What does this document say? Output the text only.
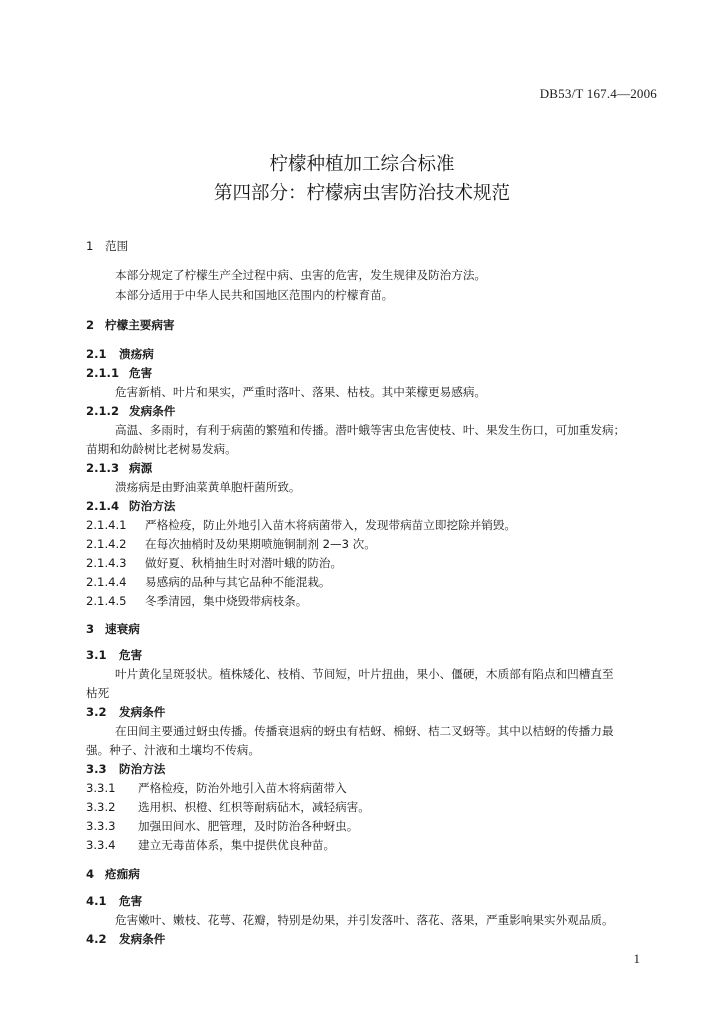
DB53/T 167.4—2006
柠檬种植加工综合标准
第四部分：柠檬病虫害防治技术规范
1 范围
本部分规定了柠檬生产全过程中病、虫害的危害，发生规律及防治方法。
本部分适用于中华人民共和国地区范围内的柠檬育苗。
2 柠檬主要病害
2.1 溃疡病
2.1.1 危害
危害新梢、叶片和果实，严重时落叶、落果、枯枝。其中莱檬更易感病。
2.1.2 发病条件
高温、多雨时，有利于病菌的繁殖和传播。潜叶蛾等害虫危害使枝、叶、果发生伤口，可加重发病；
苗期和幼龄树比老树易发病。
2.1.3 病源
溃疡病是由野油菜黄单胞杆菌所致。
2.1.4 防治方法
2.1.4.1 严格检疫，防止外地引入苗木将病菌带入，发现带病苗立即挖除并销毁。
2.1.4.2 在每次抽梢时及幼果期喷施铜制剂 2—3 次。
2.1.4.3 做好夏、秋梢抽生时对潜叶蛾的防治。
2.1.4.4 易感病的品种与其它品种不能混栽。
2.1.4.5 冬季清园，集中烧毁带病枝条。
3 速衰病
3.1 危害
叶片黄化呈斑驳状。植株矮化、枝梢、节间短，叶片扭曲，果小、僵硬，木质部有陷点和凹槽直至
枯死
3.2 发病条件
在田间主要通过蚜虫传播。传播衰退病的蚜虫有桔蚜、棉蚜、桔二叉蚜等。其中以桔蚜的传播力最
强。种子、汁液和土壤均不传病。
3.3 防治方法
3.3.1 严格检疫，防治外地引入苗木将病菌带入
3.3.2 选用枳、枳橙、红枳等耐病砧木，减轻病害。
3.3.3 加强田间水、肥管理，及时防治各种蚜虫。
3.3.4 建立无毒苗体系，集中提供优良种苗。
4 疮痂病
4.1 危害
危害嫩叶、嫩枝、花萼、花瓣，特别是幼果，并引发落叶、落花、落果，严重影响果实外观品质。
4.2 发病条件
1
